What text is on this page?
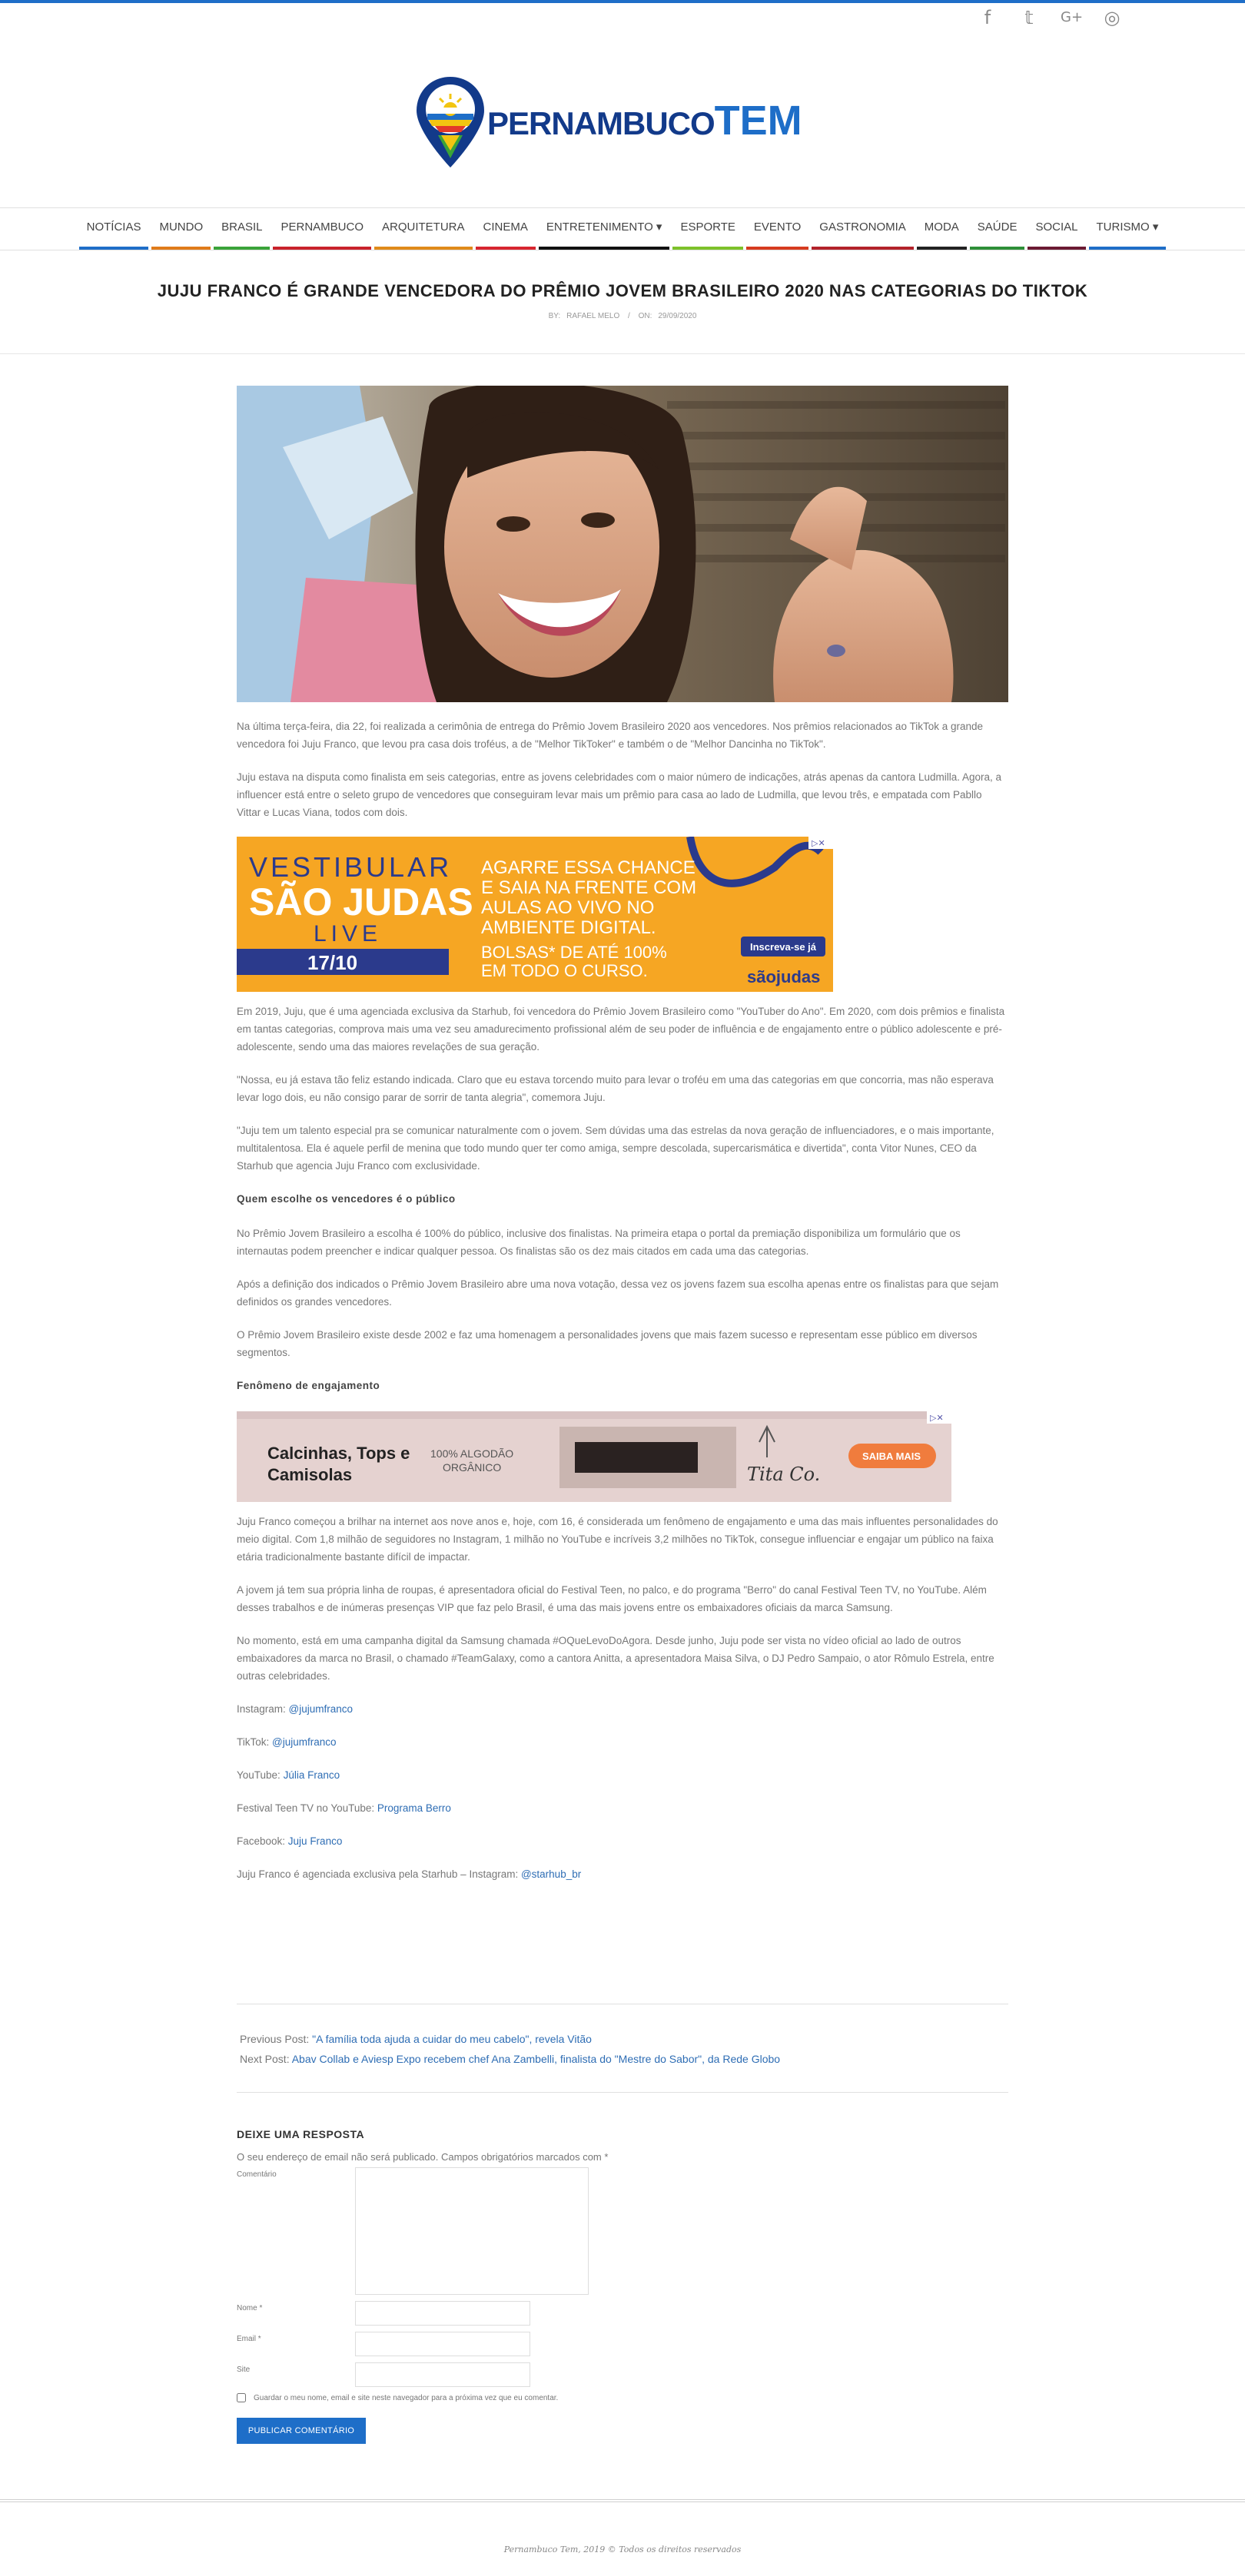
f	𝕥	G+ ◎
PERNAMBUCOTEM
NOTÍCIAS	MUNDO	BRASIL	PERNAMBUCO	ARQUITETURA	CINEMA	ENTRETENIMENTO ▾	ESPORTE	EVENTO	GASTRONOMIA	MODA	SAÚDE	SOCIAL	TURISMO ▾
JUJU FRANCO É GRANDE VENCEDORA DO PRÊMIO JOVEM BRASILEIRO 2020 NAS CATEGORIAS DO TIKTOK
BY: RAFAEL MELO / ON: 29/09/2020

Na última terça-feira, dia 22, foi realizada a cerimônia de entrega do Prêmio Jovem Brasileiro 2020 aos vencedores. Nos prêmios relacionados ao TikTok a grande vencedora foi Juju Franco, que levou pra casa dois troféus, a de "Melhor TikToker" e também o de "Melhor Dancinha no TikTok".

Juju estava na disputa como finalista em seis categorias, entre as jovens celebridades com o maior número de indicações, atrás apenas da cantora Ludmilla. Agora, a influencer está entre o seleto grupo de vencedores que conseguiram levar mais um prêmio para casa ao lado de Ludmilla, que levou três, e empatada com Pabllo Vittar e Lucas Viana, todos com dois.

VESTIBULAR
SÃO JUDAS
LIVE
17/10
AGARRE ESSA CHANCE
E SAIA NA FRENTE COM
AULAS AO VIVO NO
AMBIENTE DIGITAL.
BOLSAS* DE ATÉ 100%
EM TODO O CURSO.
Inscreva-se já
sãojudas
▷✕

Em 2019, Juju, que é uma agenciada exclusiva da Starhub, foi vencedora do Prêmio Jovem Brasileiro como "YouTuber do Ano". Em 2020, com dois prêmios e finalista em tantas categorias, comprova mais uma vez seu amadurecimento profissional além de seu poder de influência e de engajamento entre o público adolescente e pré-adolescente, sendo uma das maiores revelações de sua geração.

"Nossa, eu já estava tão feliz estando indicada. Claro que eu estava torcendo muito para levar o troféu em uma das categorias em que concorria, mas não esperava levar logo dois, eu não consigo parar de sorrir de tanta alegria", comemora Juju.

"Juju tem um talento especial pra se comunicar naturalmente com o jovem. Sem dúvidas uma das estrelas da nova geração de influenciadores, e o mais importante, multitalentosa. Ela é aquele perfil de menina que todo mundo quer ter como amiga, sempre descolada, supercarismática e divertida", conta Vitor Nunes, CEO da Starhub que agencia Juju Franco com exclusividade.

Quem escolhe os vencedores é o público

No Prêmio Jovem Brasileiro a escolha é 100% do público, inclusive dos finalistas. Na primeira etapa o portal da premiação disponibiliza um formulário que os internautas podem preencher e indicar qualquer pessoa. Os finalistas são os dez mais citados em cada uma das categorias.

Após a definição dos indicados o Prêmio Jovem Brasileiro abre uma nova votação, dessa vez os jovens fazem sua escolha apenas entre os finalistas para que sejam definidos os grandes vencedores.

O Prêmio Jovem Brasileiro existe desde 2002 e faz uma homenagem a personalidades jovens que mais fazem sucesso e representam esse público em diversos segmentos.

Fenômeno de engajamento
Calcinhas, Tops e
Camisolas
100% ALGODÃO
ORGÂNICO	Tita Co.
SAIBA MAIS
▷✕

Juju Franco começou a brilhar na internet aos nove anos e, hoje, com 16, é considerada um fenômeno de engajamento e uma das mais influentes personalidades do meio digital. Com 1,8 milhão de seguidores no Instagram, 1 milhão no YouTube e incríveis 3,2 milhões no TikTok, consegue influenciar e engajar um público na faixa etária tradicionalmente bastante difícil de impactar.

A jovem já tem sua própria linha de roupas, é apresentadora oficial do Festival Teen, no palco, e do programa "Berro" do canal Festival Teen TV, no YouTube. Além desses trabalhos e de inúmeras presenças VIP que faz pelo Brasil, é uma das mais jovens entre os embaixadores oficiais da marca Samsung.

No momento, está em uma campanha digital da Samsung chamada #OQueLevoDoAgora. Desde junho, Juju pode ser vista no vídeo oficial ao lado de outros embaixadores da marca no Brasil, o chamado #TeamGalaxy, como a cantora Anitta, a apresentadora Maisa Silva, o DJ Pedro Sampaio, o ator Rômulo Estrela, entre outras celebridades.

Instagram: @jujumfranco

TikTok: @jujumfranco

YouTube: Júlia Franco

Festival Teen TV no YouTube: Programa Berro

Facebook: Juju Franco

Juju Franco é agenciada exclusiva pela Starhub – Instagram: @starhub_br

Previous Post: "A família toda ajuda a cuidar do meu cabelo", revela Vitão
Next Post: Abav Collab e Aviesp Expo recebem chef Ana Zambelli, finalista do "Mestre do Sabor", da Rede Globo
DEIXE UMA RESPOSTA

O seu endereço de email não será publicado. Campos obrigatórios marcados com *

Comentário
Nome *
Email *
Site
Guardar o meu nome, email e site neste navegador para a próxima vez que eu comentar.
PUBLICAR COMENTÁRIO

Pernambuco Tem, 2019 © Todos os direitos reservados
